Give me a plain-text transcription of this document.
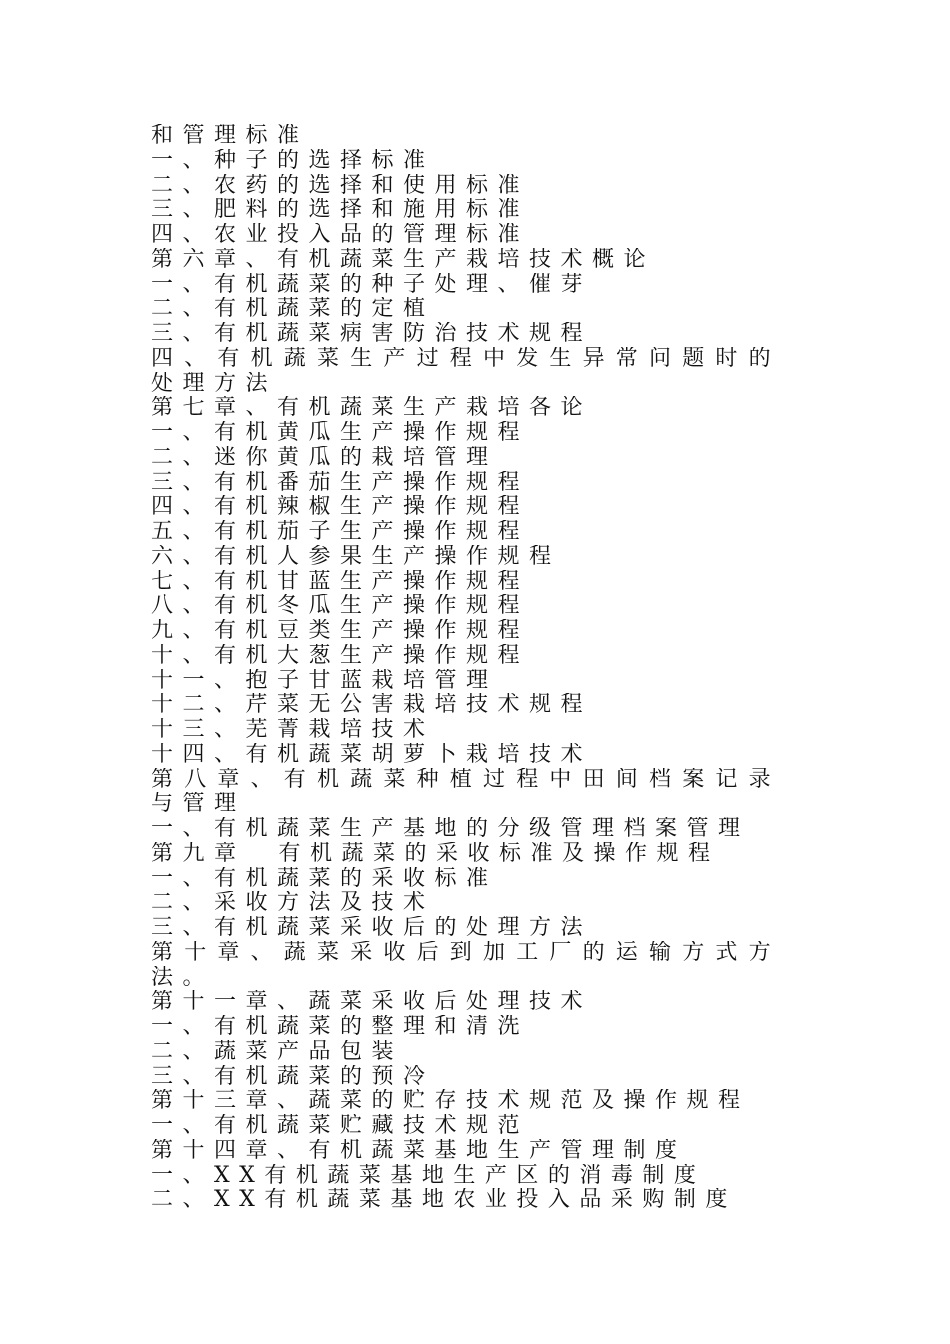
和管理标准
一、种子的选择标准
二、农药的选择和使用标准
三、肥料的选择和施用标准
四、农业投入品的管理标准
第六章、有机蔬菜生产栽培技术概论
一、有机蔬菜的种子处理、催芽
二、有机蔬菜的定植
三、有机蔬菜病害防治技术规程
四、有机蔬菜生产过程中发生异常问题时的
处理方法
第七章、有机蔬菜生产栽培各论
一、有机黄瓜生产操作规程
二、迷你黄瓜的栽培管理
三、有机番茄生产操作规程
四、有机辣椒生产操作规程
五、有机茄子生产操作规程
六、有机人参果生产操作规程
七、有机甘蓝生产操作规程
八、有机冬瓜生产操作规程
九、有机豆类生产操作规程
十、有机大葱生产操作规程
十一、抱子甘蓝栽培管理
十二、芹菜无公害栽培技术规程
十三、芜菁栽培技术
十四、有机蔬菜胡萝卜栽培技术
第八章、有机蔬菜种植过程中田间档案记录
与管理
一、有机蔬菜生产基地的分级管理档案管理
第九章  有机蔬菜的采收标准及操作规程
一、有机蔬菜的采收标准
二、采收方法及技术
三、有机蔬菜采收后的处理方法
第十章、蔬菜采收后到加工厂的运输方式方
法。
第十一章、蔬菜采收后处理技术
一、有机蔬菜的整理和清洗
二、蔬菜产品包装
三、有机蔬菜的预冷
第十三章、蔬菜的贮存技术规范及操作规程
一、有机蔬菜贮藏技术规范
第十四章、有机蔬菜基地生产管理制度
一、XX有机蔬菜基地生产区的消毒制度
二、XX有机蔬菜基地农业投入品采购制度
